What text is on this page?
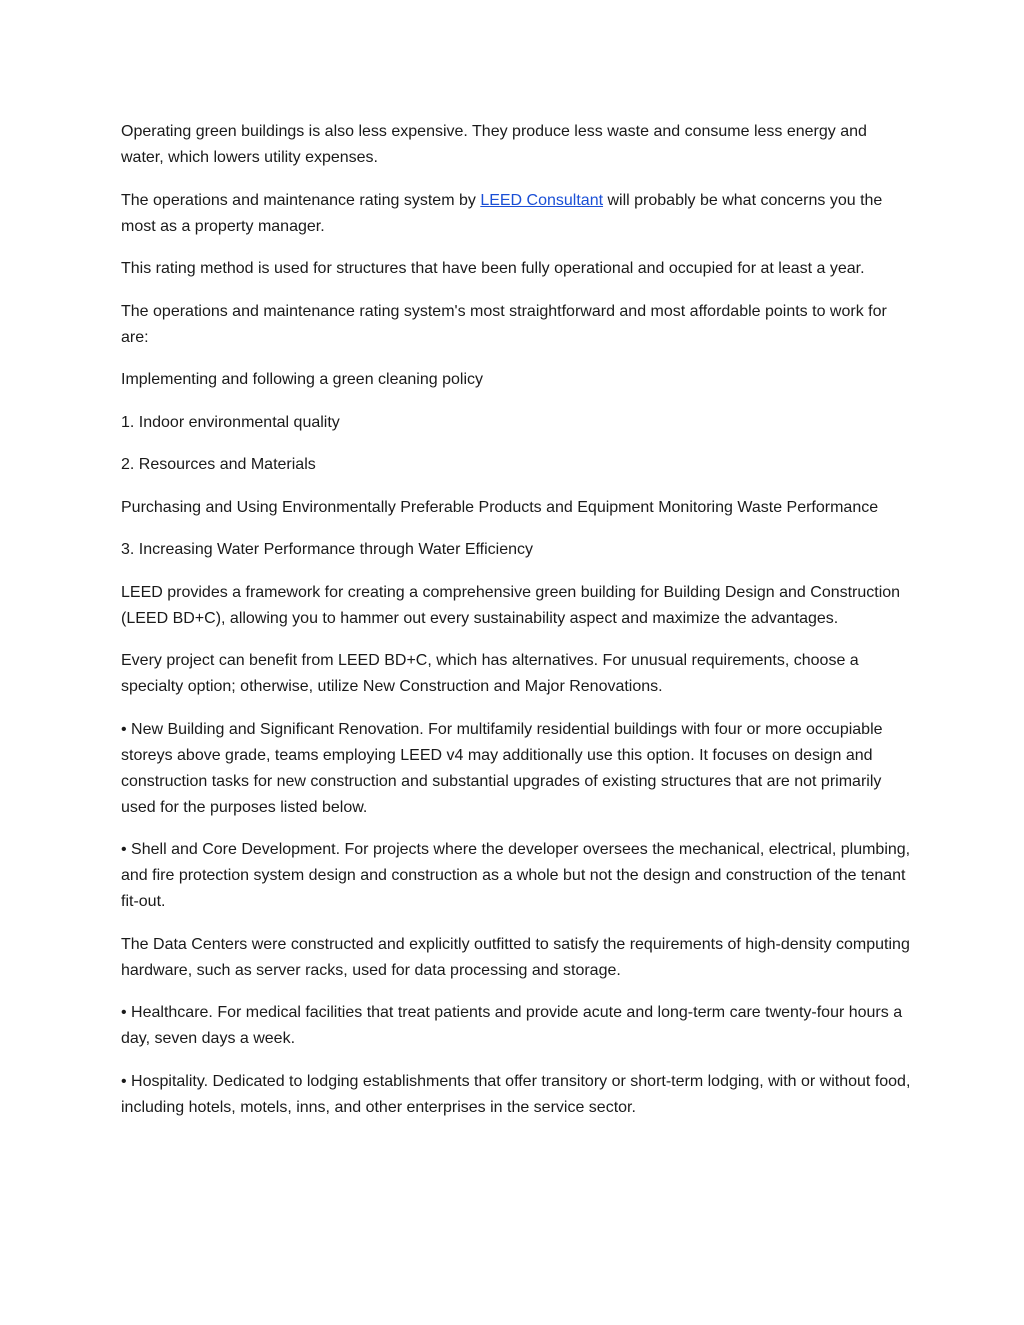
Operating green buildings is also less expensive. They produce less waste and consume less energy and water, which lowers utility expenses.

The operations and maintenance rating system by LEED Consultant will probably be what concerns you the most as a property manager.

This rating method is used for structures that have been fully operational and occupied for at least a year.

The operations and maintenance rating system's most straightforward and most affordable points to work for are:

Implementing and following a green cleaning policy

1. Indoor environmental quality

2. Resources and Materials

Purchasing and Using Environmentally Preferable Products and Equipment Monitoring Waste Performance

3. Increasing Water Performance through Water Efficiency

LEED provides a framework for creating a comprehensive green building for Building Design and Construction (LEED BD+C), allowing you to hammer out every sustainability aspect and maximize the advantages.

Every project can benefit from LEED BD+C, which has alternatives. For unusual requirements, choose a specialty option; otherwise, utilize New Construction and Major Renovations.

• New Building and Significant Renovation. For multifamily residential buildings with four or more occupiable storeys above grade, teams employing LEED v4 may additionally use this option. It focuses on design and construction tasks for new construction and substantial upgrades of existing structures that are not primarily used for the purposes listed below.

• Shell and Core Development. For projects where the developer oversees the mechanical, electrical, plumbing, and fire protection system design and construction as a whole but not the design and construction of the tenant fit-out.

The Data Centers were constructed and explicitly outfitted to satisfy the requirements of high-density computing hardware, such as server racks, used for data processing and storage.

• Healthcare. For medical facilities that treat patients and provide acute and long-term care twenty-four hours a day, seven days a week.

• Hospitality. Dedicated to lodging establishments that offer transitory or short-term lodging, with or without food, including hotels, motels, inns, and other enterprises in the service sector.
